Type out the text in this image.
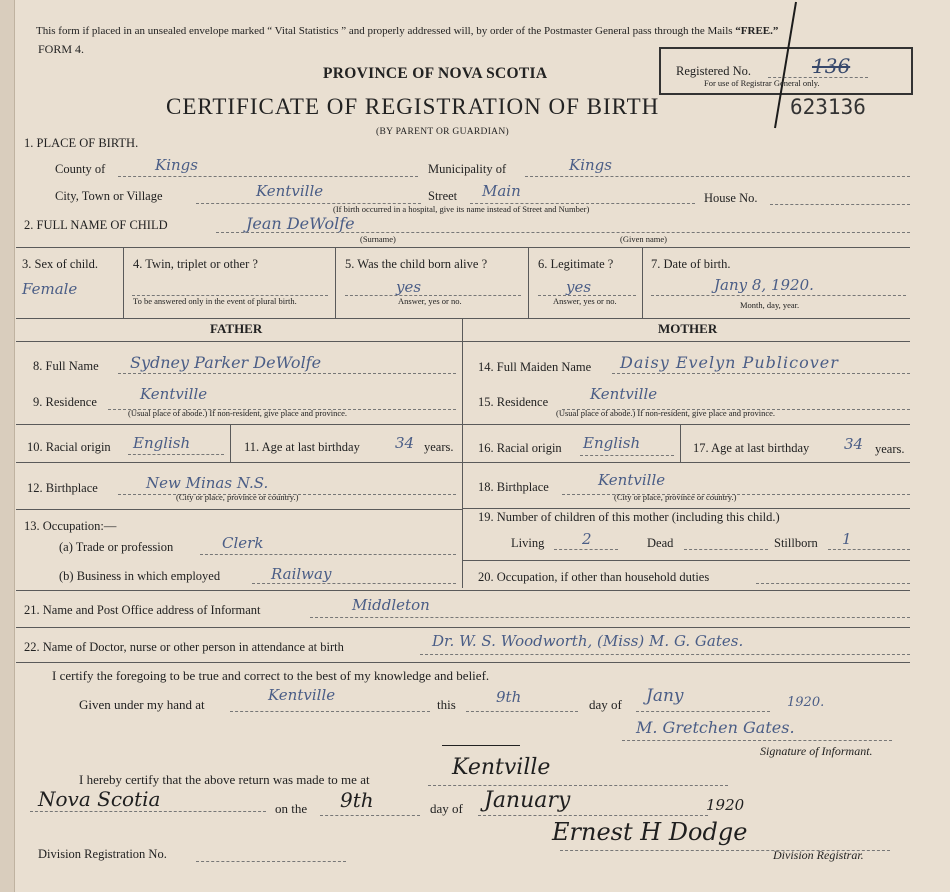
This form if placed in an unsealed envelope marked “ Vital Statistics ” and properly addressed will, by order of the Postmaster General pass through the Mails “FREE.”
FORM 4.
Registered No.	136
For use of Registrar General only.
PROVINCE OF NOVA SCOTIA
CERTIFICATE OF REGISTRATION OF BIRTH
(BY PARENT OR GUARDIAN)
623136
1. PLACE OF BIRTH.
County of	Kings	Municipality of	Kings
City, Town or Village	Kentville	Street Main	House No.
(If birth occurred in a hospital, give its name instead of Street and Number)
2. FULL NAME OF CHILD	Jean DeWolfe
(Surname)	(Given name)
3. Sex of child.
Female
4. Twin, triplet or other ?
To be answered only in the event of plural birth.
5. Was the child born alive ?
yes
Answer, yes or no.
6. Legitimate ?
yes
Answer, yes or no.
7. Date of birth.
Jany 8, 1920.
Month, day, year.
FATHER	MOTHER
8. Full Name Sydney Parker DeWolfe
9. Residence	Kentville
(Usual place of abode.) If non-resident, give place and province.
10. Racial origin English	11. Age at last birthday 34 years.
12. Birthplace	New Minas N.S.
(City or place, province or country.)
13. Occupation:—
(a) Trade or profession	Clerk
(b) Business in which employed	Railway
14. Full Maiden Name Daisy Evelyn Publicover
15. Residence	Kentville
(Usual place of abode.) If non-resident, give place and province.
16. Racial origin English	17. Age at last birthday 34 years.
18. Birthplace	Kentville
(City or place, province or country.)
19. Number of children of this mother (including this child.)
Living	2	Dead	Stillborn 1
20. Occupation, if other than household duties
21. Name and Post Office address of Informant	Middleton
22. Name of Doctor, nurse or other person in attendance at birth	Dr. W. S. Woodworth, (Miss) M. G. Gates.
I certify the foregoing to be true and correct to the best of my knowledge and belief.
Given under my hand at
Kentville
this	9th	day of Jany	1920.
M. Gretchen Gates.
Signature of Informant.
I hereby certify that the above return was made to me at	Kentville
Nova Scotia	on the 9th	day of January	1920
Ernest H Dodge
Division Registrar.
Division Registration No.
